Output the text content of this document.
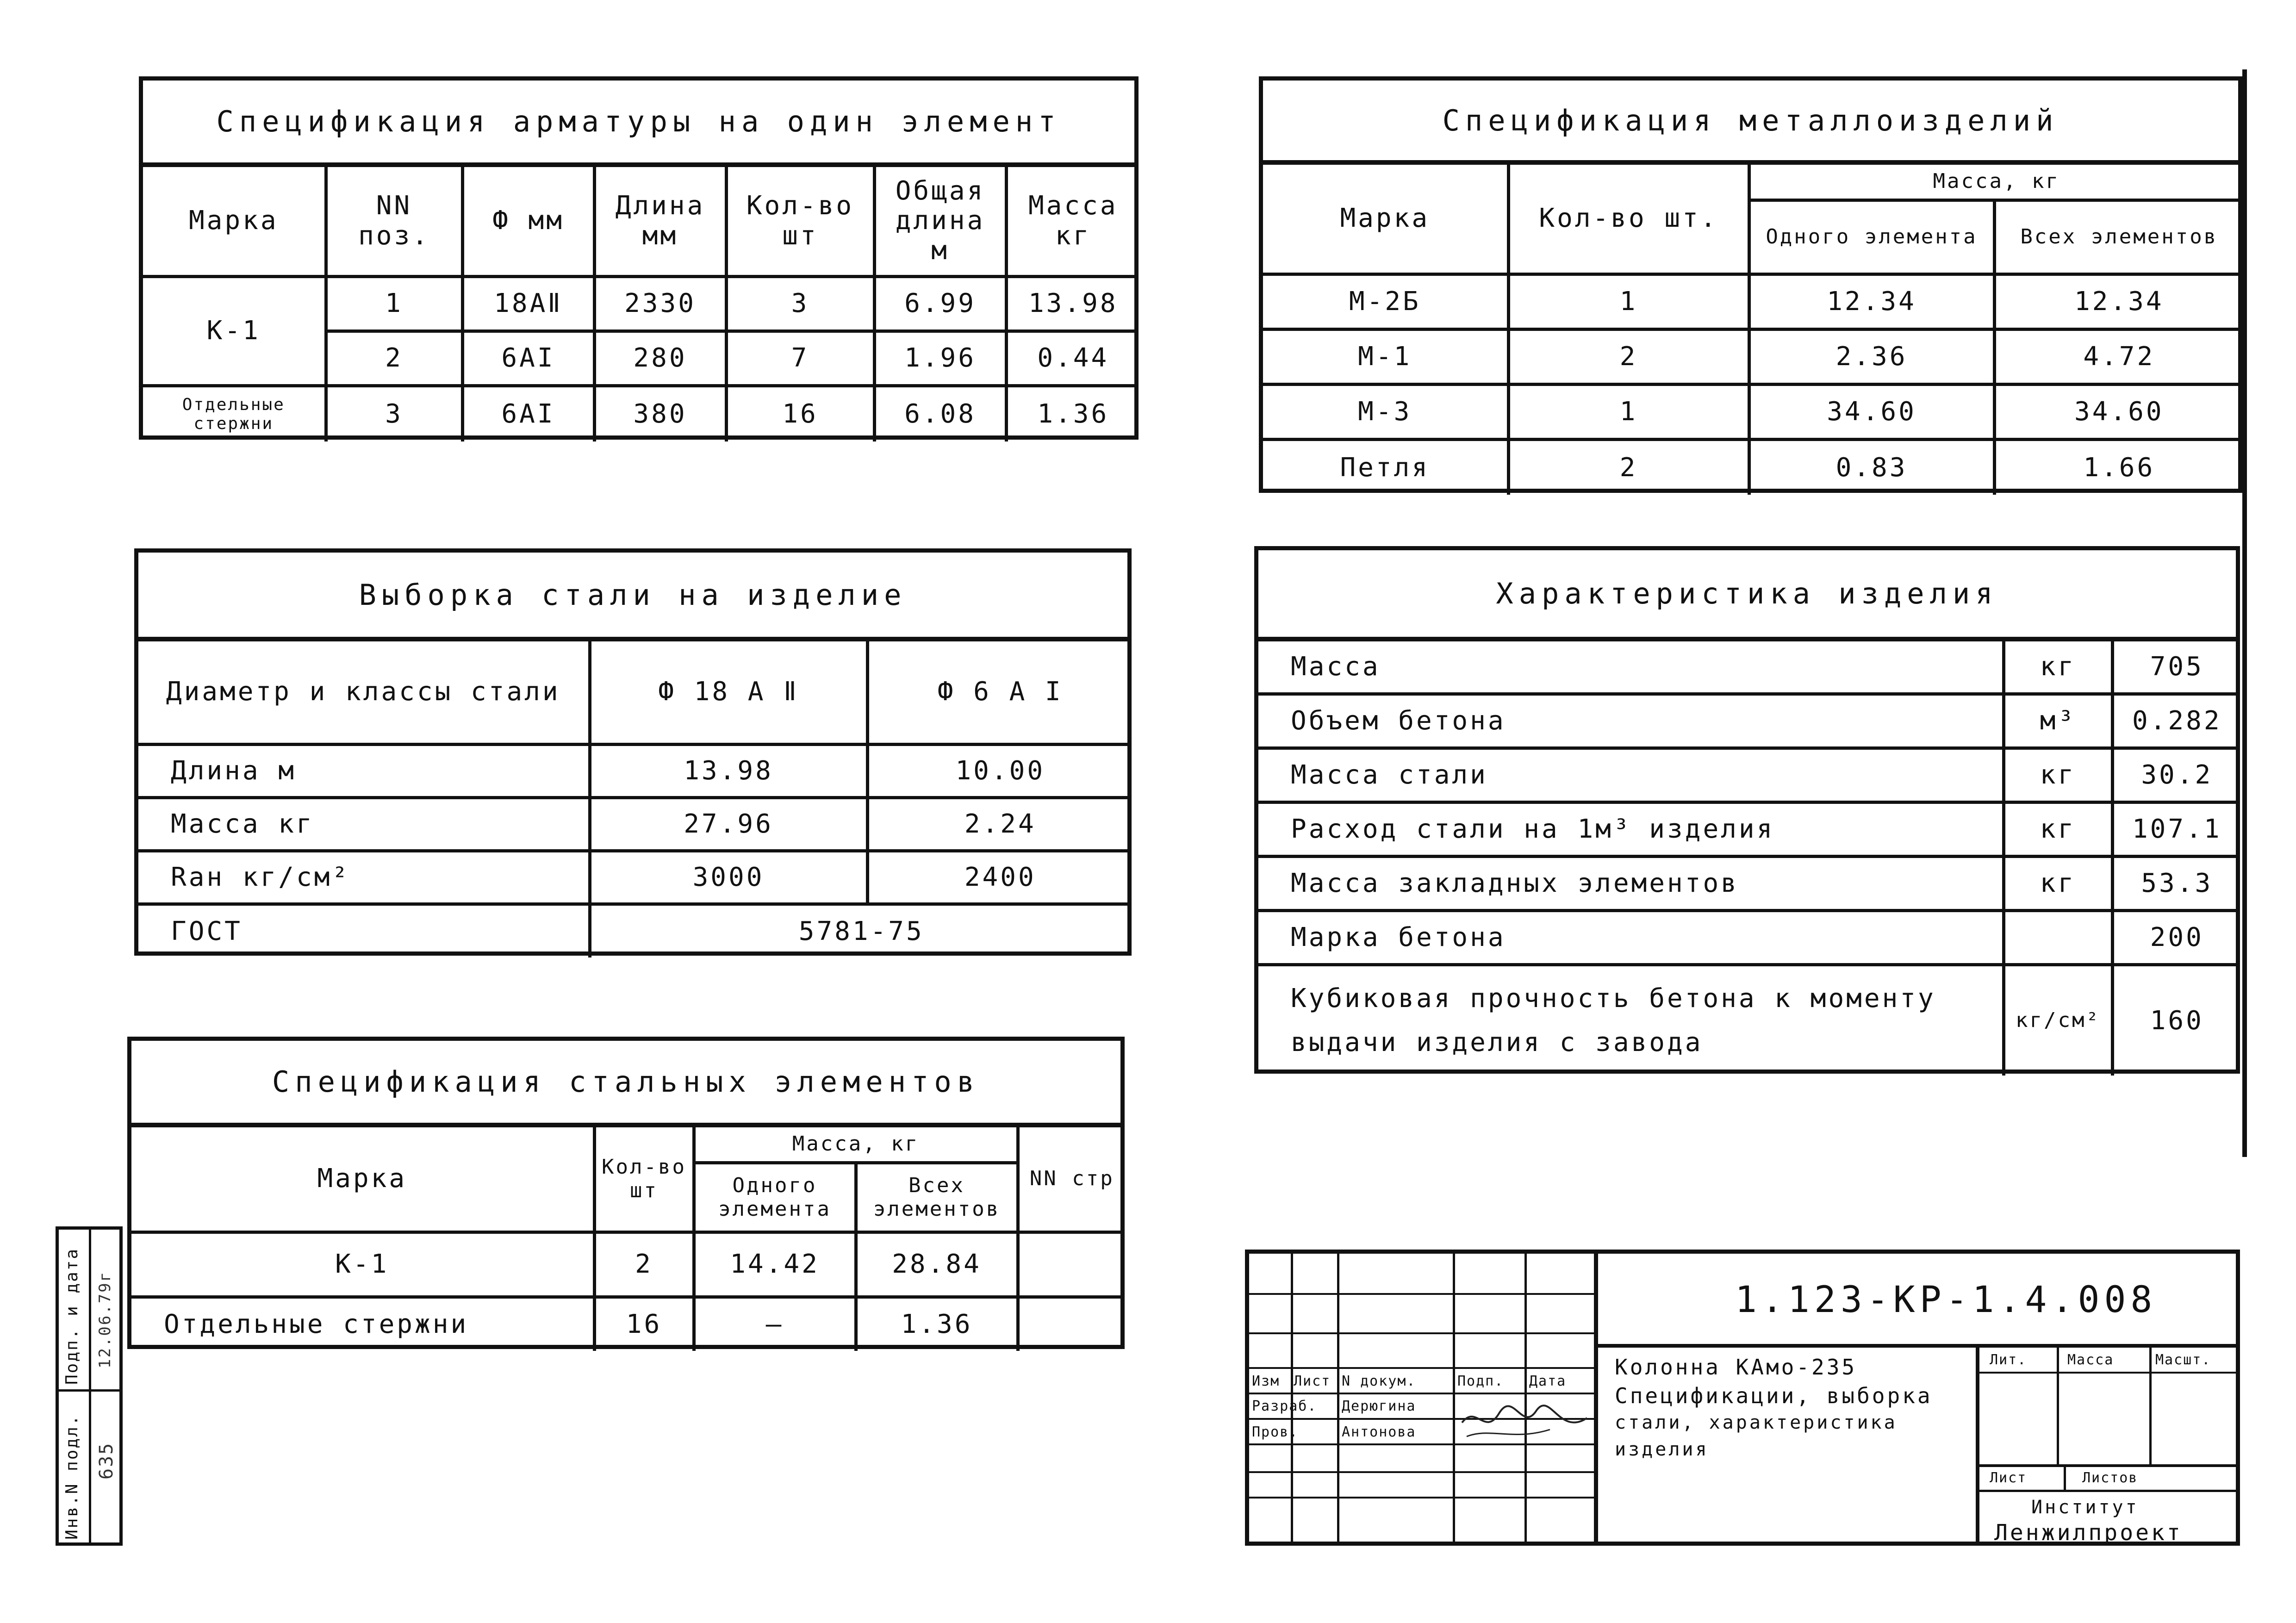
Спецификация арматуры на один элемент
Марка	NN поз.	Ф мм	Длина мм	Кол-во шт	Общая длина м	Масса кг
К-1	1	18АⅡ	2330	3	6.99	13.98
	2	6АI	280	7	1.96	0.44
Отдельные стержни	3	6АI	380	16	6.08	1.36
Спецификация металлоизделий
Марка	Кол-во шт.	Масса, кг	
		Одного элемента	Всех элементов
М-2Б	1	12.34	12.34
М-1	2	2.36	4.72
М-3	1	34.60	34.60
Петля	2	0.83	1.66
Выборка стали на изделие
Диаметр и классы стали	Ф 18 А Ⅱ	Ф 6 А I
Длина м	13.98	10.00
Масса кг	27.96	2.24
Raн кг/см²	3000	2400
ГОСТ	5781-75	
Характеристика изделия
Масса	кг	705
Объем бетона	м³	0.282
Масса стали	кг	30.2
Расход стали на 1м³ изделия	кг	107.1
Масса закладных элементов	кг	53.3
Марка бетона		200

Кубиковая прочность бетона к моменту
выдачи изделия с завода	кг/см²	160
Спецификация стальных элементов
Марка	Кол-во шт	Масса, кг		NN стр
		Одного элемента	Всех элементов	
К-1	2	14.42	28.84	
Отдельные стержни	16	—	1.36	
Изм Лист N докум.	Подп. Дата
Разраб. Дерюгина
Пров.	Антонова
1.123-КР-1.4.008
Колонна КАмо-235
Спецификации, выборка
стали, характеристика
изделия
Лит.	Масса	Масшт.
Лист	Листов
Институт
Ленжилпроект
Инв.N подл.
Подп. и дата
635
12.06.79г
